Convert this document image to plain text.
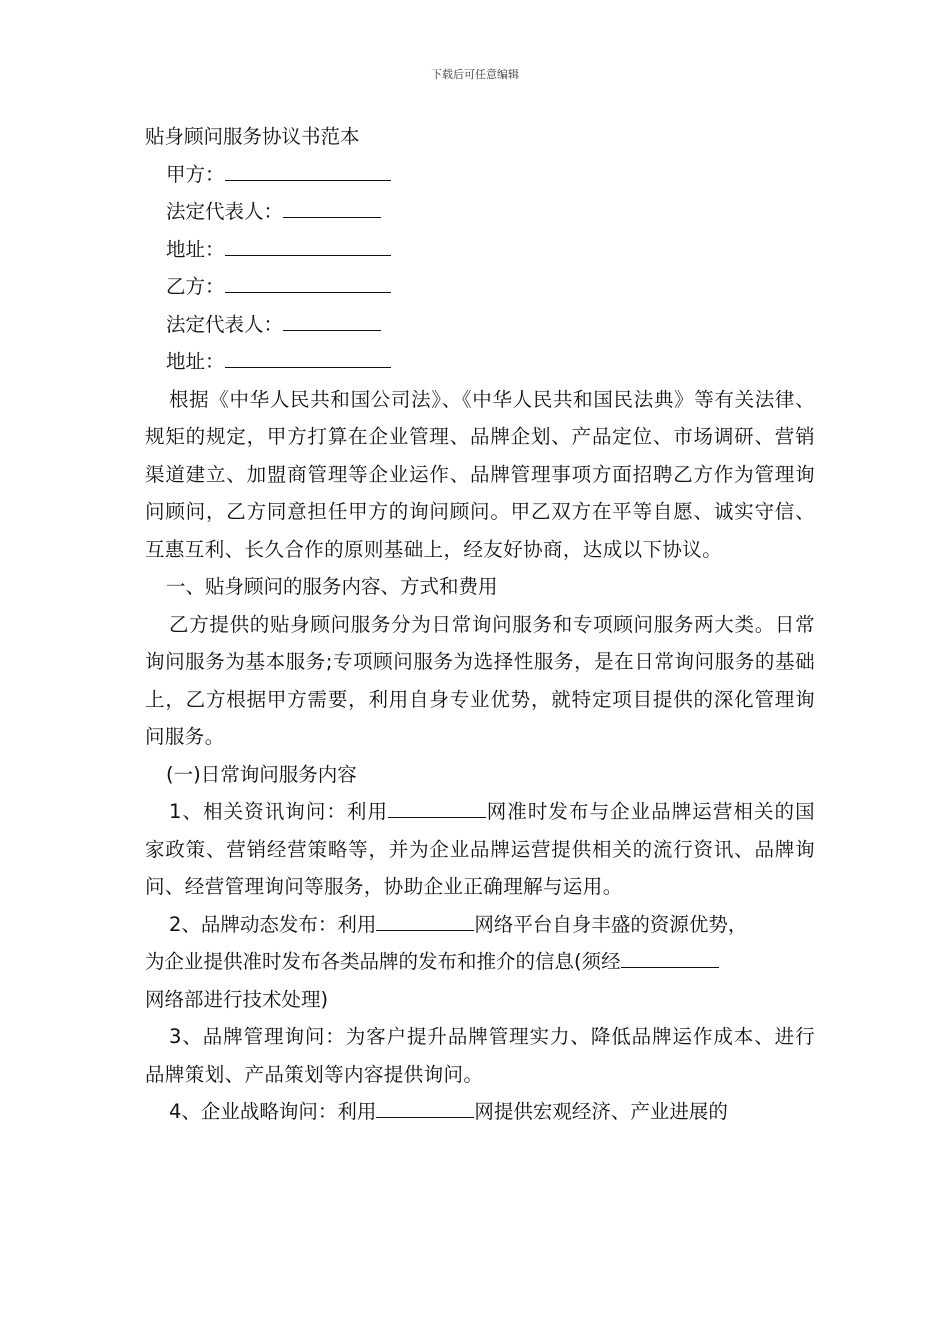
下载后可任意编辑
贴身顾问服务协议书范本
甲方：
法定代表人：
地址：
乙方：
法定代表人：
地址：
根据《中华人民共和国公司法》、《中华人民共和国民法典》等有关法律、规矩的规定，甲方打算在企业管理、品牌企划、产品定位、市场调研、营销渠道建立、加盟商管理等企业运作、品牌管理事项方面招聘乙方作为管理询问顾问，乙方同意担任甲方的询问顾问。甲乙双方在平等自愿、诚实守信、互惠互利、长久合作的原则基础上，经友好协商，达成以下协议。
一、贴身顾问的服务内容、方式和费用
乙方提供的贴身顾问服务分为日常询问服务和专项顾问服务两大类。日常询问服务为基本服务;专项顾问服务为选择性服务，是在日常询问服务的基础上，乙方根据甲方需要，利用自身专业优势，就特定项目提供的深化管理询问服务。
(一)日常询问服务内容
1、相关资讯询问：利用	网准时发布与企业品牌运营相关的国家政策、营销经营策略等，并为企业品牌运营提供相关的流行资讯、品牌询问、经营管理询问等服务，协助企业正确理解与运用。
2、品牌动态发布：利用	网络平台自身丰盛的资源优势，
为企业提供准时发布各类品牌的发布和推介的信息(须经
网络部进行技术处理)
3、品牌管理询问：为客户提升品牌管理实力、降低品牌运作成本、进行品牌策划、产品策划等内容提供询问。
4、企业战略询问：利用	网提供宏观经济、产业进展的
